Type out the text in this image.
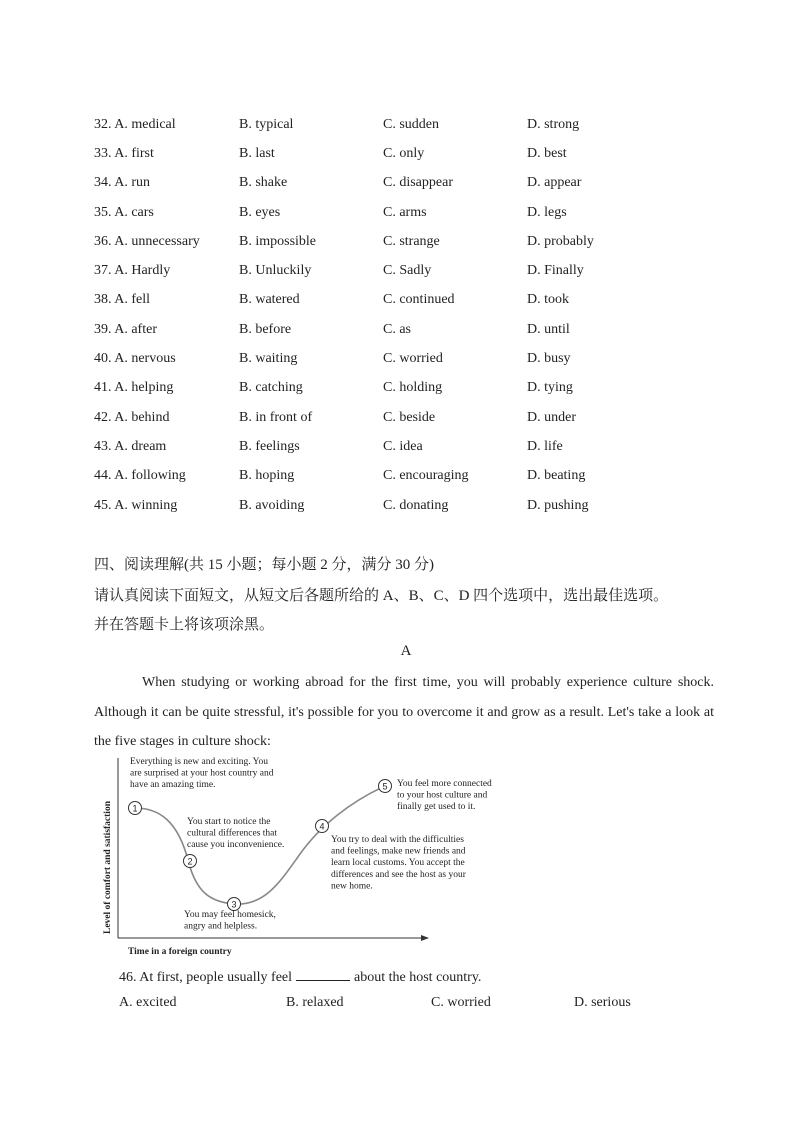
32. A. medical	B. typical	C. sudden	D. strong
33. A. first	B. last	C. only	D. best
34. A. run	B. shake	C. disappear	D. appear
35. A. cars	B. eyes	C. arms	D. legs
36. A. unnecessary	B. impossible	C. strange	D. probably
37. A. Hardly	B. Unluckily	C. Sadly	D. Finally
38. A. fell	B. watered	C. continued	D. took
39. A. after	B. before	C. as	D. until
40. A. nervous	B. waiting	C. worried	D. busy
41. A. helping	B. catching	C. holding	D. tying
42. A. behind	B. in front of	C. beside	D. under
43. A. dream	B. feelings	C. idea	D. life
44. A. following	B. hoping	C. encouraging	D. beating
45. A. winning	B. avoiding	C. donating	D. pushing
四、阅读理解(共 15 小题；每小题 2 分，满分 30 分)
请认真阅读下面短文，从短文后各题所给的 A、B、C、D 四个选项中，选出最佳选项。
并在答题卡上将该项涂黑。
A
When studying or working abroad for the first time, you will probably experience culture shock. Although it can be quite stressful, it's possible for you to overcome it and grow as a result. Let's take a look at the five stages in culture shock:
Level of comfort and satisfaction
Time in a foreign country
1
2
3
4
5
Everything is new and exciting. You are surprised at your host country and have an amazing time.
You start to notice the cultural differences that cause you inconvenience.
You may feel homesick, angry and helpless.
You try to deal with the difficulties and feelings, make new friends and learn local customs. You accept the differences and see the host as your new home.
You feel more connected to your host culture and finally get used to it.
46. At first, people usually feel	about the host country.
A. excited	B. relaxed	C. worried	D. serious
